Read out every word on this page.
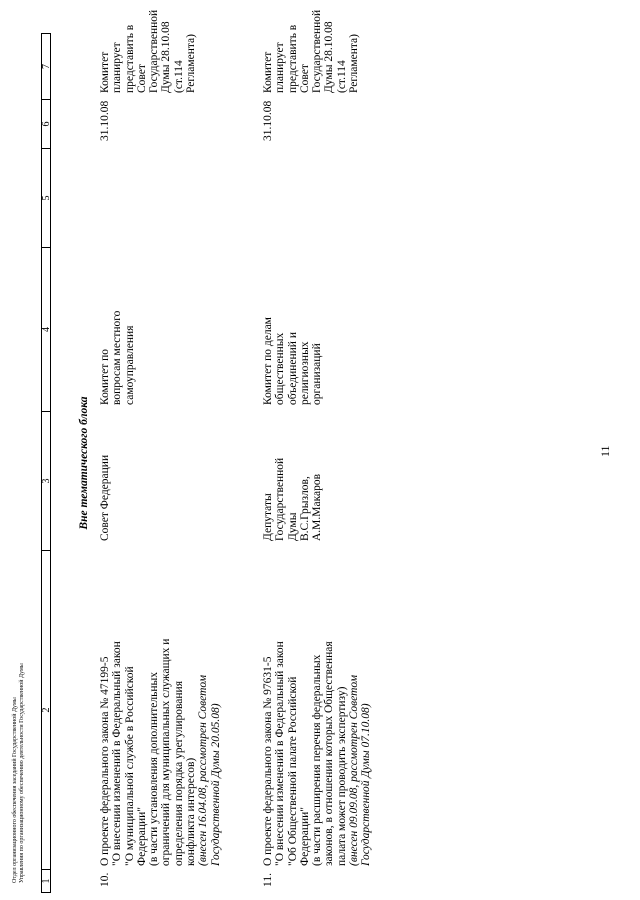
11
1
2
3
4
5
6
7
Вне тематического блока
10.
О проекте федерального закона № 47199-5 "О внесении изменений в Федеральный закон "О муниципальной службе в Российской Федерации" (в части установления дополнительных ограничений для муниципальных служащих и определения порядка урегулирования конфликта интересов) (внесен 16.04.08, рассмотрен Советом Государственной Думы 20.05.08)
Совет Федерации
Комитет по вопросам местного самоуправления
31.10.08
Комитет планирует представить в Совет Государственной Думы 28.10.08 (ст.114 Регламента)
11.
О проекте федерального закона № 97631-5 "О внесении изменений в Федеральный закон "Об Общественной палате Российской Федерации" (в части расширения перечня федеральных законов, в отношении которых Общественная палата может проводить экспертизу) (внесен 09.09.08, рассмотрен Советом Государственной Думы 07.10.08)
Депутаты Государственной Думы В.С.Грызлов, А.М.Макаров
Комитет по делам общественных объединений и религиозных организаций
31.10.08
Комитет планирует представить в Совет Государственной Думы 28.10.08 (ст.114 Регламента)
Отдел организационного обеспечения заседаний Государственной Думы Управления по организационному обеспечению деятельности Государственной Думы
